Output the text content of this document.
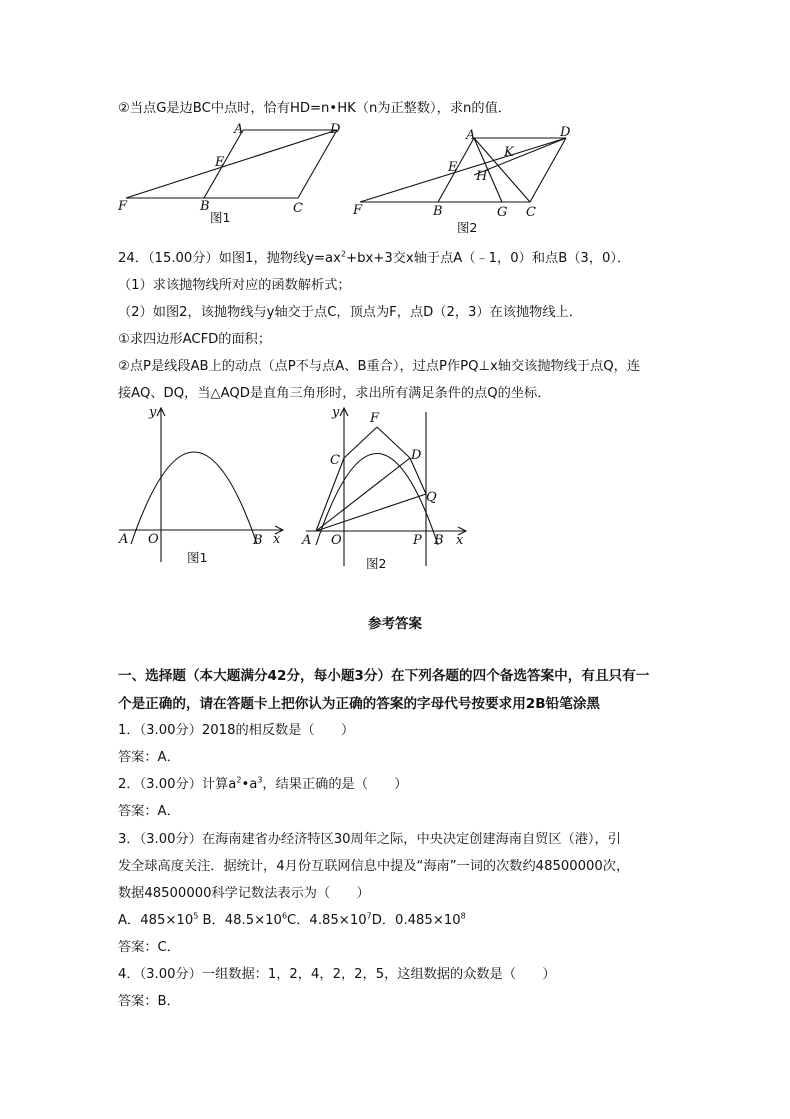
②当点G是边BC中点时，恰有HD=n•HK（n为正整数），求n的值．
A	D
E
F	B	C
图1
A	D
K
E
H
F	B	G C
图2
24．（15.00分）如图1，抛物线$y=ax^2+bx+3$交x轴于点A（﹣1，0）和点B（3，0）．
（1）求该抛物线所对应的函数解析式；
（2）如图2，该抛物线与y轴交于点C，顶点为F，点D（2，3）在该抛物线上．
①求四边形ACFD的面积；
②点P是线段AB上的动点（点P不与点A、B重合），过点P作PQ⊥x轴交该抛物线于点Q，连
接AQ、DQ，当△AQD是直角三角形时，求出所有满足条件的点Q的坐标．
y
A O	B x
图1
y F
C	D
Q
A O	P B x
图2
参考答案
一、选择题（本大题满分42分，每小题3分）在下列各题的四个备选答案中，有且只有一
个是正确的，请在答题卡上把你认为正确的答案的字母代号按要求用2B铅笔涂黑
1．（3.00分）2018的相反数是（　　）
答案：A．
2．（3.00分）计算$a^2•a^3$，结果正确的是（　　）
答案：A．
3．（3.00分）在海南建省办经济特区30周年之际，中央决定创建海南自贸区（港），引
发全球高度关注．据统计，4月份互联网信息中提及“海南”一词的次数约48500000次，
数据48500000科学记数法表示为（　　）
A．$485\times 10^5$ B．$48.5\times 10^6C$．$4.85\times 10^7D$．$0.485\times 10^8$
答案：C．
4．（3.00分）一组数据：1，2，4，2，2，5，这组数据的众数是（　　）
答案：B．
